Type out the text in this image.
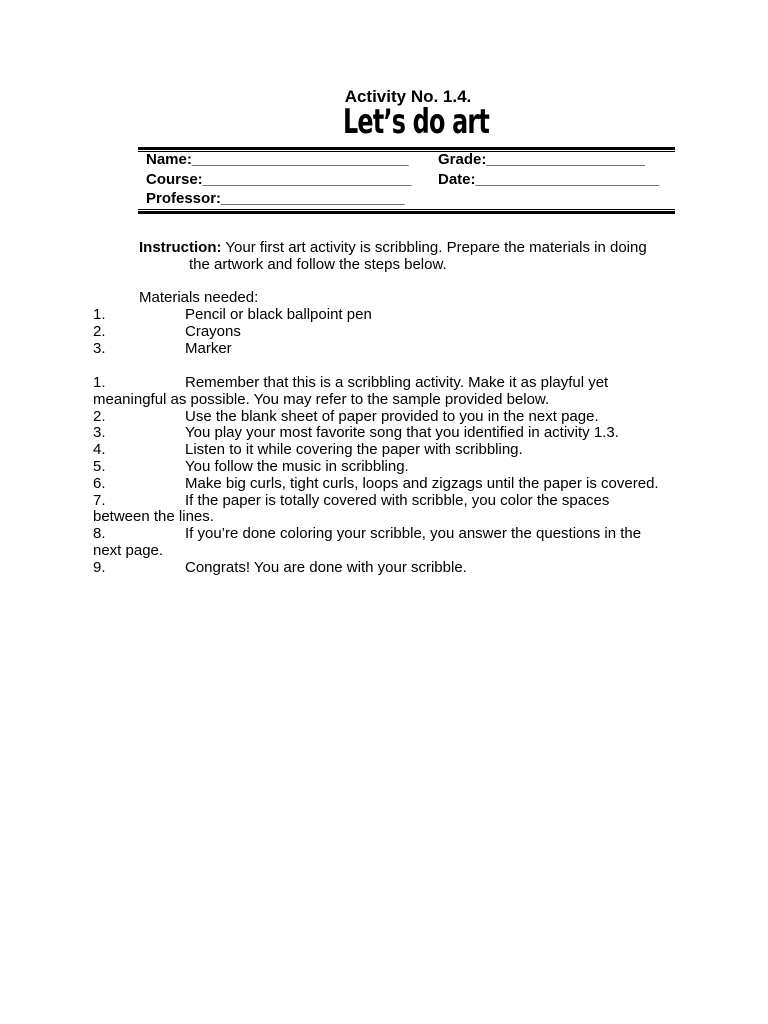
Activity No. 1.4.
Let’s do art
Name:__________________________ Grade:___________________
Course:_________________________ Date:______________________
Professor:______________________
Instruction: Your first art activity is scribbling. Prepare the materials in doing
the artwork and follow the steps below.
Materials needed:
1.	Pencil or black ballpoint pen
2.	Crayons
3.	Marker
1.	Remember that this is a scribbling activity. Make it as playful yet
meaningful as possible. You may refer to the sample provided below.
2.	Use the blank sheet of paper provided to you in the next page.
3.	You play your most favorite song that you identified in activity 1.3.
4.	Listen to it while covering the paper with scribbling.
5.	You follow the music in scribbling.
6.	Make big curls, tight curls, loops and zigzags until the paper is covered.
7.	If the paper is totally covered with scribble, you color the spaces
between the lines.
8.	If you’re done coloring your scribble, you answer the questions in the
next page.
9.	Congrats! You are done with your scribble.
